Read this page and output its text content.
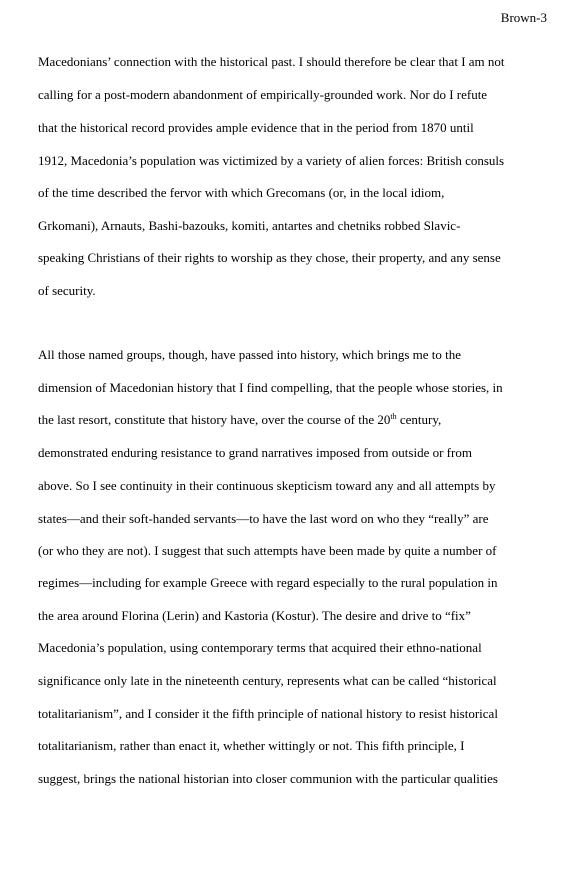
Brown-3
Macedonians’ connection with the historical past. I should therefore be clear that I am not
calling for a post-modern abandonment of empirically-grounded work. Nor do I refute
that the historical record provides ample evidence that in the period from 1870 until
1912, Macedonia’s population was victimized by a variety of alien forces: British consuls
of the time described the fervor with which Grecomans (or, in the local idiom,
Grkomani), Arnauts, Bashi-bazouks, komiti, antartes and chetniks robbed Slavic-
speaking Christians of their rights to worship as they chose, their property, and any sense
of security.
All those named groups, though, have passed into history, which brings me to the
dimension of Macedonian history that I find compelling, that the people whose stories, in
the last resort, constitute that history have, over the course of the 20th century,
demonstrated enduring resistance to grand narratives imposed from outside or from
above. So I see continuity in their continuous skepticism toward any and all attempts by
states—and their soft-handed servants—to have the last word on who they “really” are
(or who they are not). I suggest that such attempts have been made by quite a number of
regimes—including for example Greece with regard especially to the rural population in
the area around Florina (Lerin) and Kastoria (Kostur). The desire and drive to “fix”
Macedonia’s population, using contemporary terms that acquired their ethno-national
significance only late in the nineteenth century, represents what can be called “historical
totalitarianism”, and I consider it the fifth principle of national history to resist historical
totalitarianism, rather than enact it, whether wittingly or not. This fifth principle, I
suggest, brings the national historian into closer communion with the particular qualities
